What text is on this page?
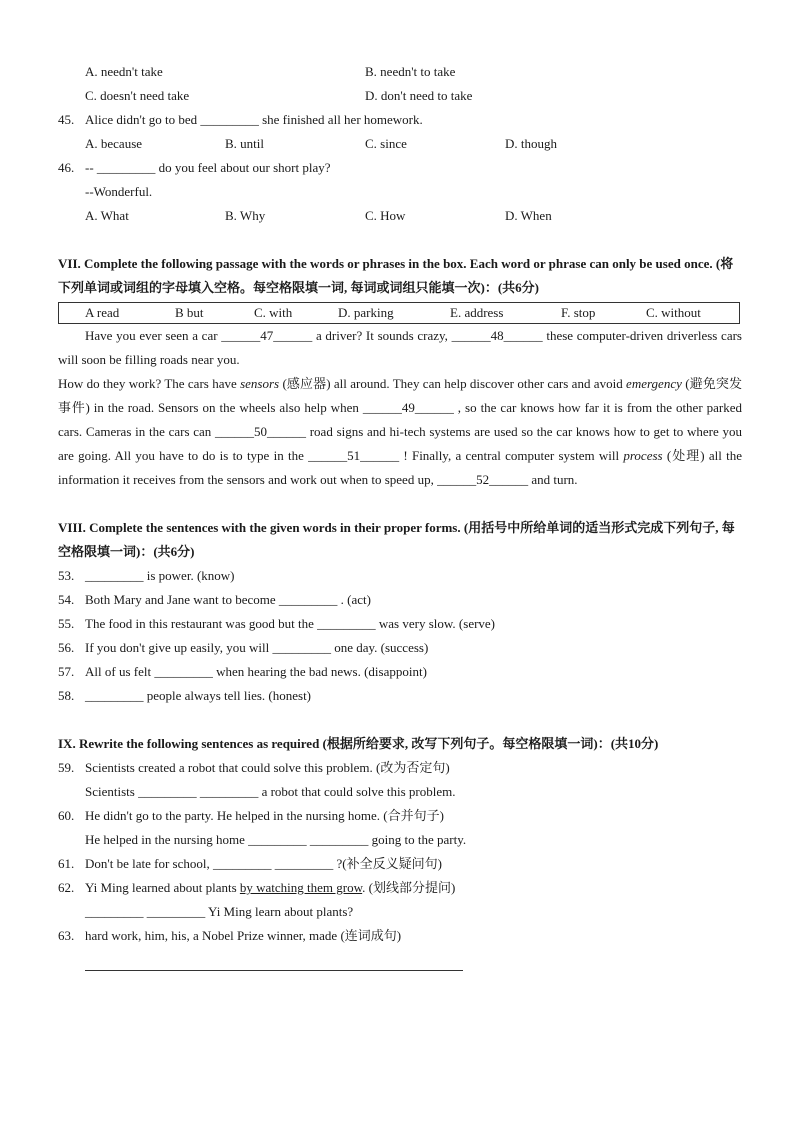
A. needn't take	B. needn't to take
C. doesn't need take	D. don't need to take
45. Alice didn't go to bed _________ she finished all her homework.
A. because	B. until	C. since	D. though
46. -- _________ do you feel about our short play?
--Wonderful.
A. What	B. Why	C. How	D. When
VII. Complete the following passage with the words or phrases in the box. Each word or phrase can only be used once. (将下列单词或词组的字母填入空格。每空格限填一词, 每词或词组只能填一次)：(共6分)
A read	B but	C. with	D. parking	E. address	F. stop	C. without
Have you ever seen a car ______47______ a driver? It sounds crazy, ______48______ these computer-driven driverless cars will soon be filling roads near you.
How do they work? The cars have sensors (感应器) all around. They can help discover other cars and avoid emergency (避免突发事件) in the road. Sensors on the wheels also help when ______49______ , so the car knows how far it is from the other parked cars. Cameras in the cars can ______50______ road signs and hi-tech systems are used so the car knows how to get to where you are going. All you have to do is to type in the ______51______ ! Finally, a central computer system will process (处理) all the information it receives from the sensors and work out when to speed up, ______52______ and turn.
VIII. Complete the sentences with the given words in their proper forms. (用括号中所给单词的适当形式完成下列句子, 每空格限填一词)：(共6分)
53. _________ is power. (know)
54. Both Mary and Jane want to become _________ . (act)
55. The food in this restaurant was good but the _________ was very slow. (serve)
56. If you don't give up easily, you will _________ one day. (success)
57. All of us felt _________ when hearing the bad news. (disappoint)
58. _________ people always tell lies. (honest)
IX. Rewrite the following sentences as required (根据所给要求, 改写下列句子。每空格限填一词)：(共10分)
59. Scientists created a robot that could solve this problem. (改为否定句)
Scientists _________ _________ a robot that could solve this problem.
60. He didn't go to the party. He helped in the nursing home. (合并句子)
He helped in the nursing home _________ _________ going to the party.
61. Don't be late for school, _________ _________ ?(补全反义疑问句)
62. Yi Ming learned about plants by watching them grow. (划线部分提问)
_________ _________ Yi Ming learn about plants?
63. hard work, him, his, a Nobel Prize winner, made (连词成句)
